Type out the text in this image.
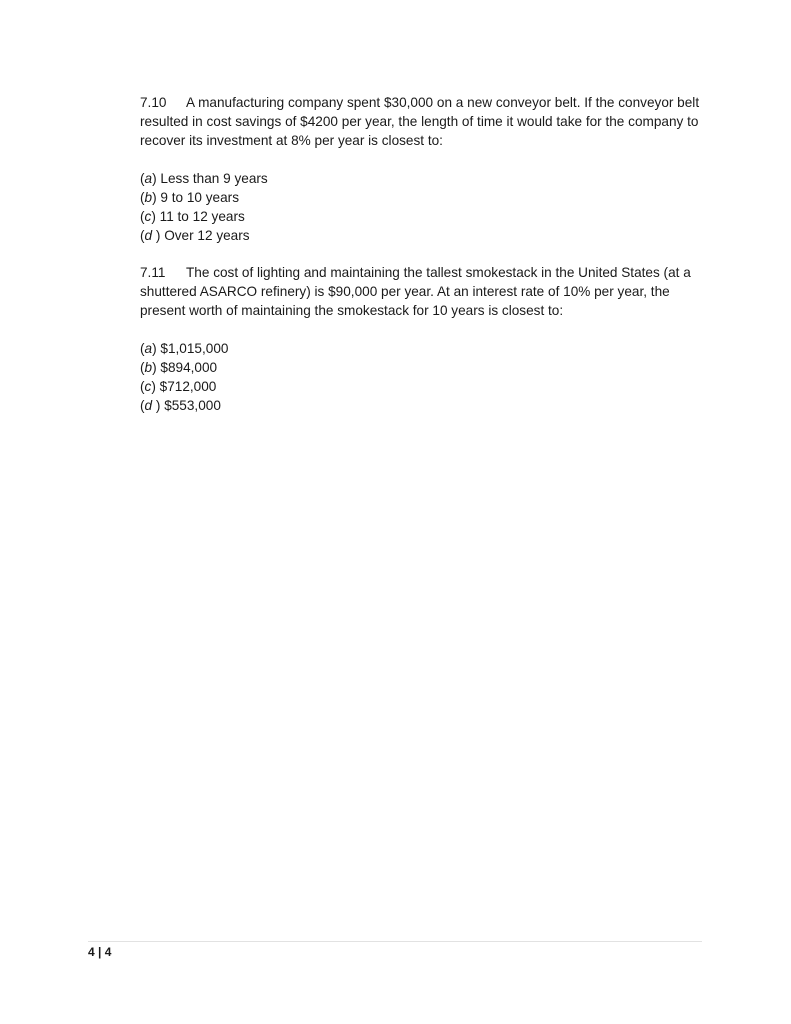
7.10 A manufacturing company spent $30,000 on a new conveyor belt. If the conveyor belt resulted in cost savings of $4200 per year, the length of time it would take for the company to recover its investment at 8% per year is closest to:
(a) Less than 9 years
(b) 9 to 10 years
(c) 11 to 12 years
(d ) Over 12 years
7.11 The cost of lighting and maintaining the tallest smokestack in the United States (at a shuttered ASARCO refinery) is $90,000 per year. At an interest rate of 10% per year, the present worth of maintaining the smokestack for 10 years is closest to:
(a) $1,015,000
(b) $894,000
(c) $712,000
(d ) $553,000
4 | 4
